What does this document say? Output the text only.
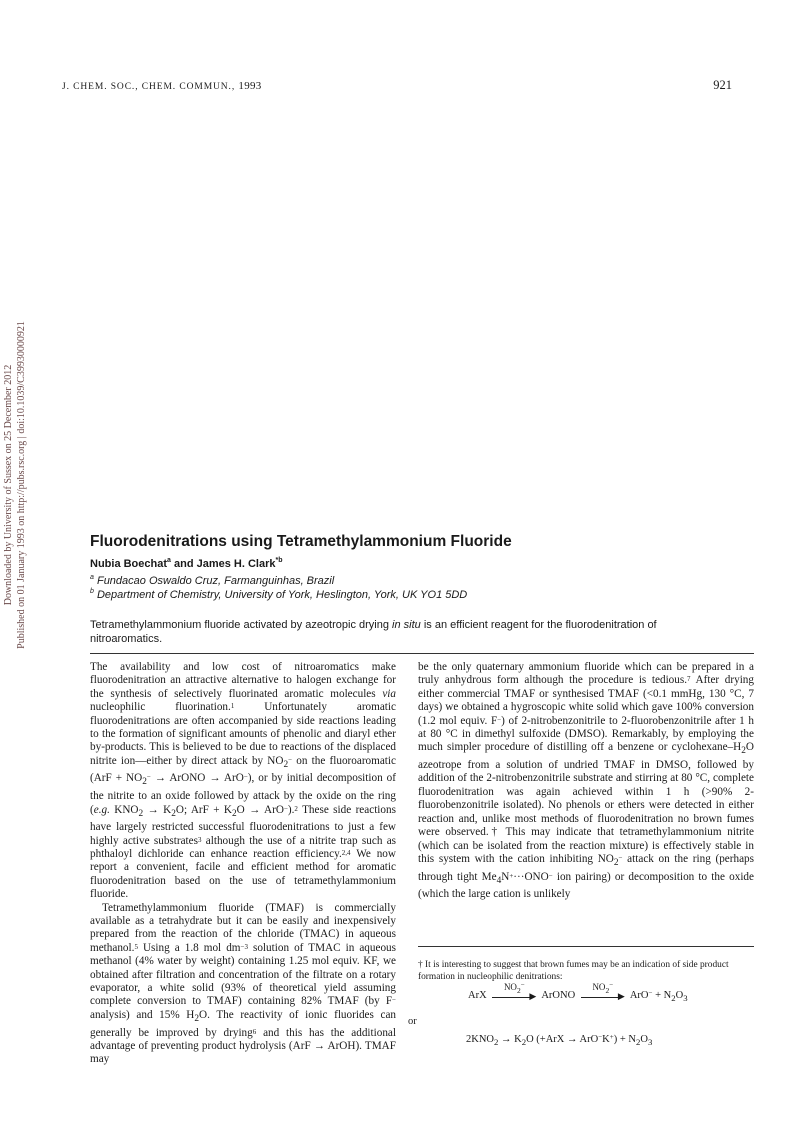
J. CHEM. SOC., CHEM. COMMUN., 1993	921
Downloaded by University of Sussex on 25 December 2012 Published on 01 January 1993 on http://pubs.rsc.org | doi:10.1039/C39930000921	Fluorodenitrations using Tetramethylammonium Fluoride
Nubia Boechat$^a$ and James H. Clark$^{*b}$
$^a$ Fundacao Oswaldo Cruz, Farmanguinhas, Brazil
$^b$ Department of Chemistry, University of York, Heslington, York, UK YO1 5DD
Tetramethylammonium fluoride activated by azeotropic drying in situ is an efficient reagent for the fluorodenitration of nitroaromatics.

The availability and low cost of nitroaromatics make fluorodenitration an attractive alternative to halogen exchange for the synthesis of selectively fluorinated aromatic molecules via nucleophilic fluorination.$^1$ Unfortunately aromatic fluorodenitrations are often accompanied by side reactions leading to the formation of significant amounts of phenolic and diaryl ether by-products. This is believed to be due to reactions of the displaced nitrite ion—either by direct attack by $NO_2^-$ on the fluoroaromatic ($ArF + NO_2^-$ → ArONO → ArO−), or by initial decomposition of the nitrite to an oxide followed by attack by the oxide on the ring (e.g. $KNO_2 \to K_2O$; ArF + $K_2O \to ArO^-).^2$ These side reactions have largely restricted successful fluorodenitrations to just a few highly active substrates$^3$ although the use of a nitrite trap such as phthaloyl dichloride can enhance reaction efficiency.$^{2,4}$ We now report a convenient, facile and efficient method for aromatic fluorodenitration based on the use of tetramethylammonium fluoride.

Tetramethylammonium fluoride (TMAF) is commercially available as a tetrahydrate but it can be easily and inexpensively prepared from the reaction of the chloride (TMAC) in aqueous methanol.$^5$ Using a 1.8 mol $dm^{-3}$ solution of TMAC in aqueous methanol (4% water by weight) containing 1.25 mol equiv. KF, we obtained after filtration and concentration of the filtrate on a rotary evaporator, a white solid (93% of theoretical yield assuming complete conversion to TMAF) containing 82% TMAF (by F− analysis) and 15% $H_2O$. The reactivity of ionic fluorides can generally be improved by drying$^6$ and this has the additional advantage of preventing product hydrolysis (ArF → ArOH). TMAF may

be the only quaternary ammonium fluoride which can be prepared in a truly anhydrous form although the procedure is tedious.$^7$ After drying either commercial TMAF or synthesised TMAF (<0.1 mmHg, 130 °C, 7 days) we obtained a hygroscopic white solid which gave 100% conversion (1.2 mol equiv. F−) of 2-nitrobenzonitrile to 2-fluorobenzonitrile after 1 h at 80 °C in dimethyl sulfoxide (DMSO). Remarkably, by employing the much simpler procedure of distilling off a benzene or cyclohexane–$H_2O$ azeotrope from a solution of undried TMAF in DMSO, followed by addition of the 2-nitrobenzonitrile substrate and stirring at 80 °C, complete fluorodenitration was again achieved within 1 h (>90% 2-fluorobenzonitrile isolated). No phenols or ethers were detected in either reaction and, unlike most methods of fluorodenitration no brown fumes were observed.† This may indicate that tetramethylammonium nitrite (which can be isolated from the reaction mixture) is effectively stable in this system with the cation inhibiting $NO_2^-$ attack on the ring (perhaps through tight $Me_4N^+\cdot\cdot\cdot ONO^-$ ion pairing) or decomposition to the oxide (which the large cation is unlikely

† It is interesting to suggest that brown fumes may be an indication of side product formation in nucleophilic denitrations:
ArX
$NO_2^-$
▶ ArONO
$NO_2^-$
▶ $ArO^- + N_2O_3$
or
$2KNO_2 \to K_2O$ $(+ArX \to ArO^-K^+) + N_2O_3$
